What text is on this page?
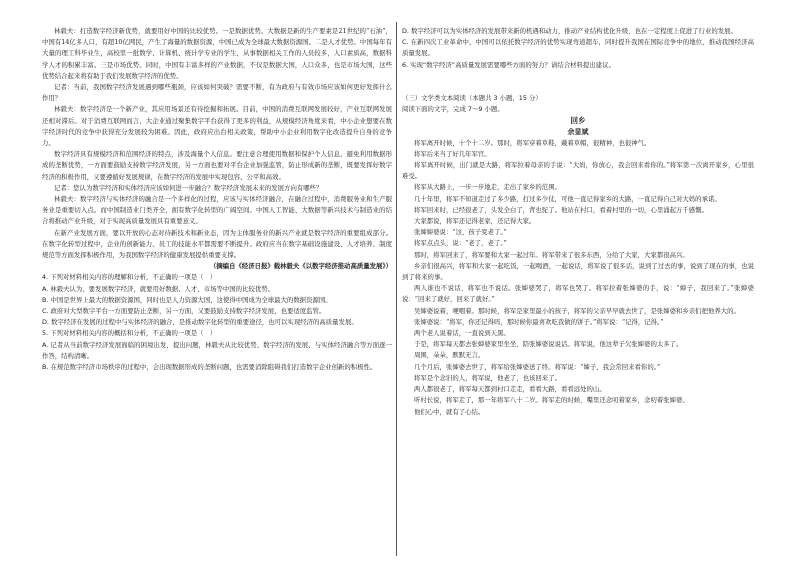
林毅夫：打造数字经济新优势，就要用好中国的比较优势。一是数据优势。大数据是新的生产要素是21世纪的“石油”，中国有14亿多人口，有超10亿网民，产生了海量的数据资源，中国已成为全球最大数据资源国。二是人才优势。中国每年有大量的理工科毕业生，高校里一批数学、计算机、统计学专业的学生，从事数据相关工作的人员较多，人口素质高，数据科学人才的积累丰富。三是市场优势。同时，中国有丰富多样的产业数据，不仅是数据大国，人口众多，也是市场大国，这些优势结合起来将有助于我们发展数字经济的优势。

记者：当前，我国数字经济发展遇到哪些瓶颈，应该如何突破？需要不断，有为政府与有效市场应该如何更好发挥什么作用？

林毅夫：数字经济是一个新产业，其应用场景还有待挖掘和拓展。目前，中国的消费互联网发展较好，产业互联网发展还相对滞后。对于消费互联网而言，大企业通过聚集数字平台获得了更多的利益，从规模经济角度来看，中小企业想要在数字经济时代的竞争中获得充分发展较为困难。因此，政府应出台相关政策，帮助中小企业利用数字化改造提升自身的竞争力。

数字经济具有规模经济和范围经济的特点，涉及海量个人信息。要注意合理使用数据和保护个人信息，避免利用数据形成的垄断优势，一方面要鼓励支持数字经济发展，另一方面也要对平台企业加强监管，防止形成新的垄断，既要发挥好数字经济的积极作用，又要遵循好发展规律，在数字经济的发展中实现包容、公平和高效。

记者：您认为数字经济和实体经济应该如何进一步融合？数字经济发展未来的发展方向有哪些？

林毅夫：数字经济与实体经济的融合是一个多样化的过程，应该与实体经济融合，在融合过程中，消费服务业和生产服务业是重要切入点。而中国制造业门类齐全，拥有数字化转型的广阔空间。中国人工智能、大数据等新兴技术与制造业的结合将推动产业升级，对于实现高质量发展具有重要意义。

在新产业发展方面，要以开放的心态对待新技术和新业态，因为主体服务业的新兴产业就是数字经济的重要组成部分。在数字化转型过程中，企业的创新能力、员工的技能水平都需要不断提升。政府应当在数字基础设施建设、人才培养、制度规范等方面发挥积极作用，为我国数字经济的健康发展提供重要支撑。

（摘编自《经济日报》载林毅夫《以数字经济推动高质量发展》）

4. 下列对材料相关内容的理解和分析，不正确的一项是（　）

A. 林毅夫认为，要发展数字经济，就要用好数据、人才、市场等中国的比较优势。

B. 中国是世界上最大的数据资源国，同时也是人力资源大国，这使得中国成为全球最大的数据资源国。

C. 政府对大型数字平台一方面要防止垄断，另一方面，又要鼓励支持数字经济发展，也要适度监管。

D. 数字经济在发展的过程中与实体经济的融合，是推动数字化转型的重要途径，也可以实现经济的高质量发展。

5. 下列对材料相关内容的概括和分析，不正确的一项是（　）

A. 记者从当前数字经济发展面临的困境出发，提出问题，林毅夫从比较优势、数字经济的发展、与实体经济融合等方面逐一作答，结构清晰。

B. 在规范数字经济市场秩序的过程中，会出现数据形成的垄断问题，也需要消除阻碍我们打造数字企业创新的积极性。

D. 数字经济可以为实体经济的发展带来新的机遇和动力，推动产业结构优化升级，也在一定程度上促进了行业的发展。

C. 在新四次工业革命中，中国可以依托数字经济的优势实现弯道超车，同时提升我国在国际竞争中的地位，推动我国经济高质量发展。

6. 实现“数字经济”高质量发展需要哪些方面的努力？请结合材料提出建议。

（三）文学类文本阅读（本题共 3 小题，15 分）

阅读下面的文字，完成 7～9 小题。

回乡

余显斌

将军离开时候，十个十二岁。那时，将军穿着草鞋，戴着草帽，很精神，也很神气。

将军后来当了好几年军官。

将军离开时候，出门就是大路，将军拉着母亲的手说：“大妈，你放心，我会回来看你的。”将军第一次离开家乡，心里很难受。

将军从大路上，一步一步地走，走出了家乡的范围。

几十年里，将军不知道走过了多少路，打过多少仗，可他一直记得家乡的大路，一直记得自己对大妈的承诺。

将军回来时，已经很老了，头发全白了，背也驼了。他站在村口，看着村里的一切，心里涌起万千感慨。

大家都说，将军还记得老家，还记得大家。

张婶婶婆说：“这，孩子变老了。”

将军点点头，说：“老了，老了。”

那时，将军回来了，将军要和大家一起过年。将军带来了很多东西，分给了大家，大家都很高兴。

乡亲们很高兴，将军和大家一起吃饭，一起喝酒，一起说话，将军说了很多话，说到了过去的事，说到了现在的事，也说到了将来的事。

两人谁也不说话，将军也不说话。张婶婆哭了，将军也哭了。将军拉着张婶婆的手，说：“婶子，我回来了。”张婶婆说：“回来了就好，回来了就好。”

吴婶婆说着，哽咽着。那时候，将军是家里最小的孩子，将军的父亲早早就去世了，是张婶婆和乡亲们把他养大的。

张婶婆说：“将军，你还记得吗，那时候你最喜欢吃我做的饼子。”将军说：“记得，记得。”

两个老人说着话，一直说到天黑。

于是，将军每天都去张婶婆家里坐坐，陪张婶婆说说话。将军说，他这辈子欠张婶婆的太多了。

周围，朵朵，默默无言。

几个月后，张婶婆去世了，将军给张婶婆送了终。将军说：“婶子，我会常回来看你的。”

将军是个念旧的人，将军说，他老了，也该回来了。

两人都很老了，将军每天都到村口走走，看看大路，看看远处的山。

听村长说，将军走了，那一年将军八十二岁。将军走的时候，嘴里还念叨着家乡，念叨着张婶婆。

他们心中，就有了心结。
